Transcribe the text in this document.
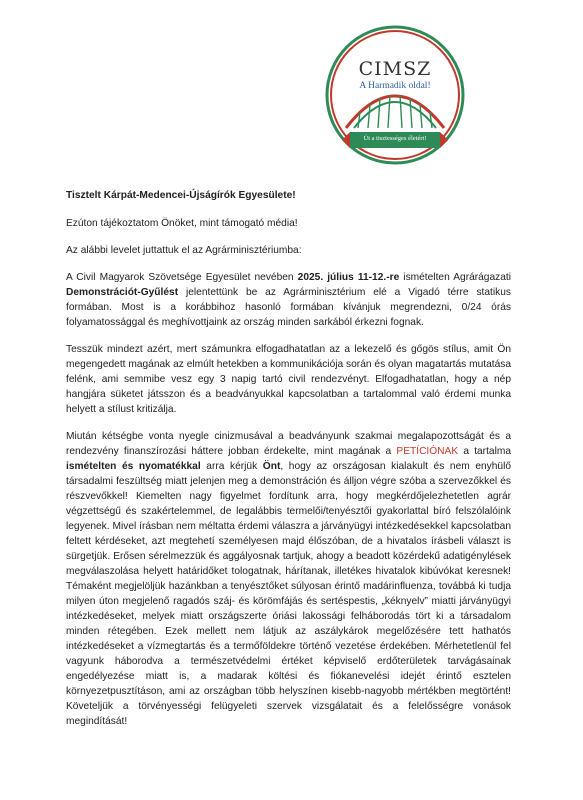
CIMSZ
A Harmadik oldal!
Út a tisztességes életért!

Tisztelt Kárpát-Medencei-Újságírók Egyesülete!

Ezúton tájékoztatom Önöket, mint támogató média!

Az alábbi levelet juttattuk el az Agrárminisztériumba:

A Civil Magyarok Szövetsége Egyesület nevében 2025. július 11-12.-re ismételten Agrárágazati Demonstrációt-Gyűlést jelentettünk be az Agrárminisztérium elé a Vigadó térre statikus formában. Most is a korábbihoz hasonló formában kívánjuk megrendezni, 0/24 órás folyamatossággal és meghívottjaink az ország minden sarkából érkezni fognak.

Tesszük mindezt azért, mert számunkra elfogadhatatlan az a lekezelő és gőgös stílus, amit Ön megengedett magának az elmúlt hetekben a kommunikációja során és olyan magatartás mutatása felénk, ami semmibe vesz egy 3 napig tartó civil rendezvényt. Elfogadhatatlan, hogy a nép hangjára süketet játsszon és a beadványukkal kapcsolatban a tartalommal való érdemi munka helyett a stílust kritizálja.

Miután kétségbe vonta nyegle cinizmusával a beadványunk szakmai megalapozottságát és a rendezvény finanszírozási háttere jobban érdekelte, mint magának a PETÍCIÓNAK a tartalma ismételten és nyomatékkal arra kérjük Önt, hogy az országosan kialakult és nem enyhülő társadalmi feszültség miatt jelenjen meg a demonstráción és álljon végre szóba a szervezőkkel és részvevőkkel! Kiemelten nagy figyelmet fordítunk arra, hogy megkérdőjelezhetetlen agrár végzettségű és szakértelemmel, de legalábbis termelői/tenyésztői gyakorlattal bíró felszólalóink legyenek. Mivel írásban nem méltatta érdemi válaszra a járványügyi intézkedésekkel kapcsolatban feltett kérdéseket, azt megtehetí személyesen majd élőszóban, de a hivatalos írásbeli választ is sürgetjük. Erősen sérelmezzük és aggályosnak tartjuk, ahogy a beadott közérdekű adatigénylések megválaszolása helyett határidőket tologatnak, hárítanak, illetékes hivatalok kibúvókat keresnek! Témaként megjelöljük hazánkban a tenyésztőket súlyosan érintő madárinfluenza, továbbá ki tudja milyen úton megjelenő ragadós száj- és körömfájás és sertéspestis, „kéknyelv” miatti járványügyi intézkedéseket, melyek miatt országszerte óriási lakossági felháborodás tört ki a társadalom minden rétegében. Ezek mellett nem látjuk az aszálykárok megelőzésére tett hathatós intézkedéseket a vízmegtartás és a termőföldekre történő vezetése érdekében. Mérhetetlenül fel vagyunk háborodva a természetvédelmi értéket képviselő erdőterületek tarvágásainak engedélyezése miatt is, a madarak költési és fiókanevelési idejét érintő esztelen környezetpusztításon, ami az országban több helyszínen kisebb-nagyobb mértékben megtörtént! Követeljük a törvényességi felügyeleti szervek vizsgálatait és a felelősségre vonások megindítását!
